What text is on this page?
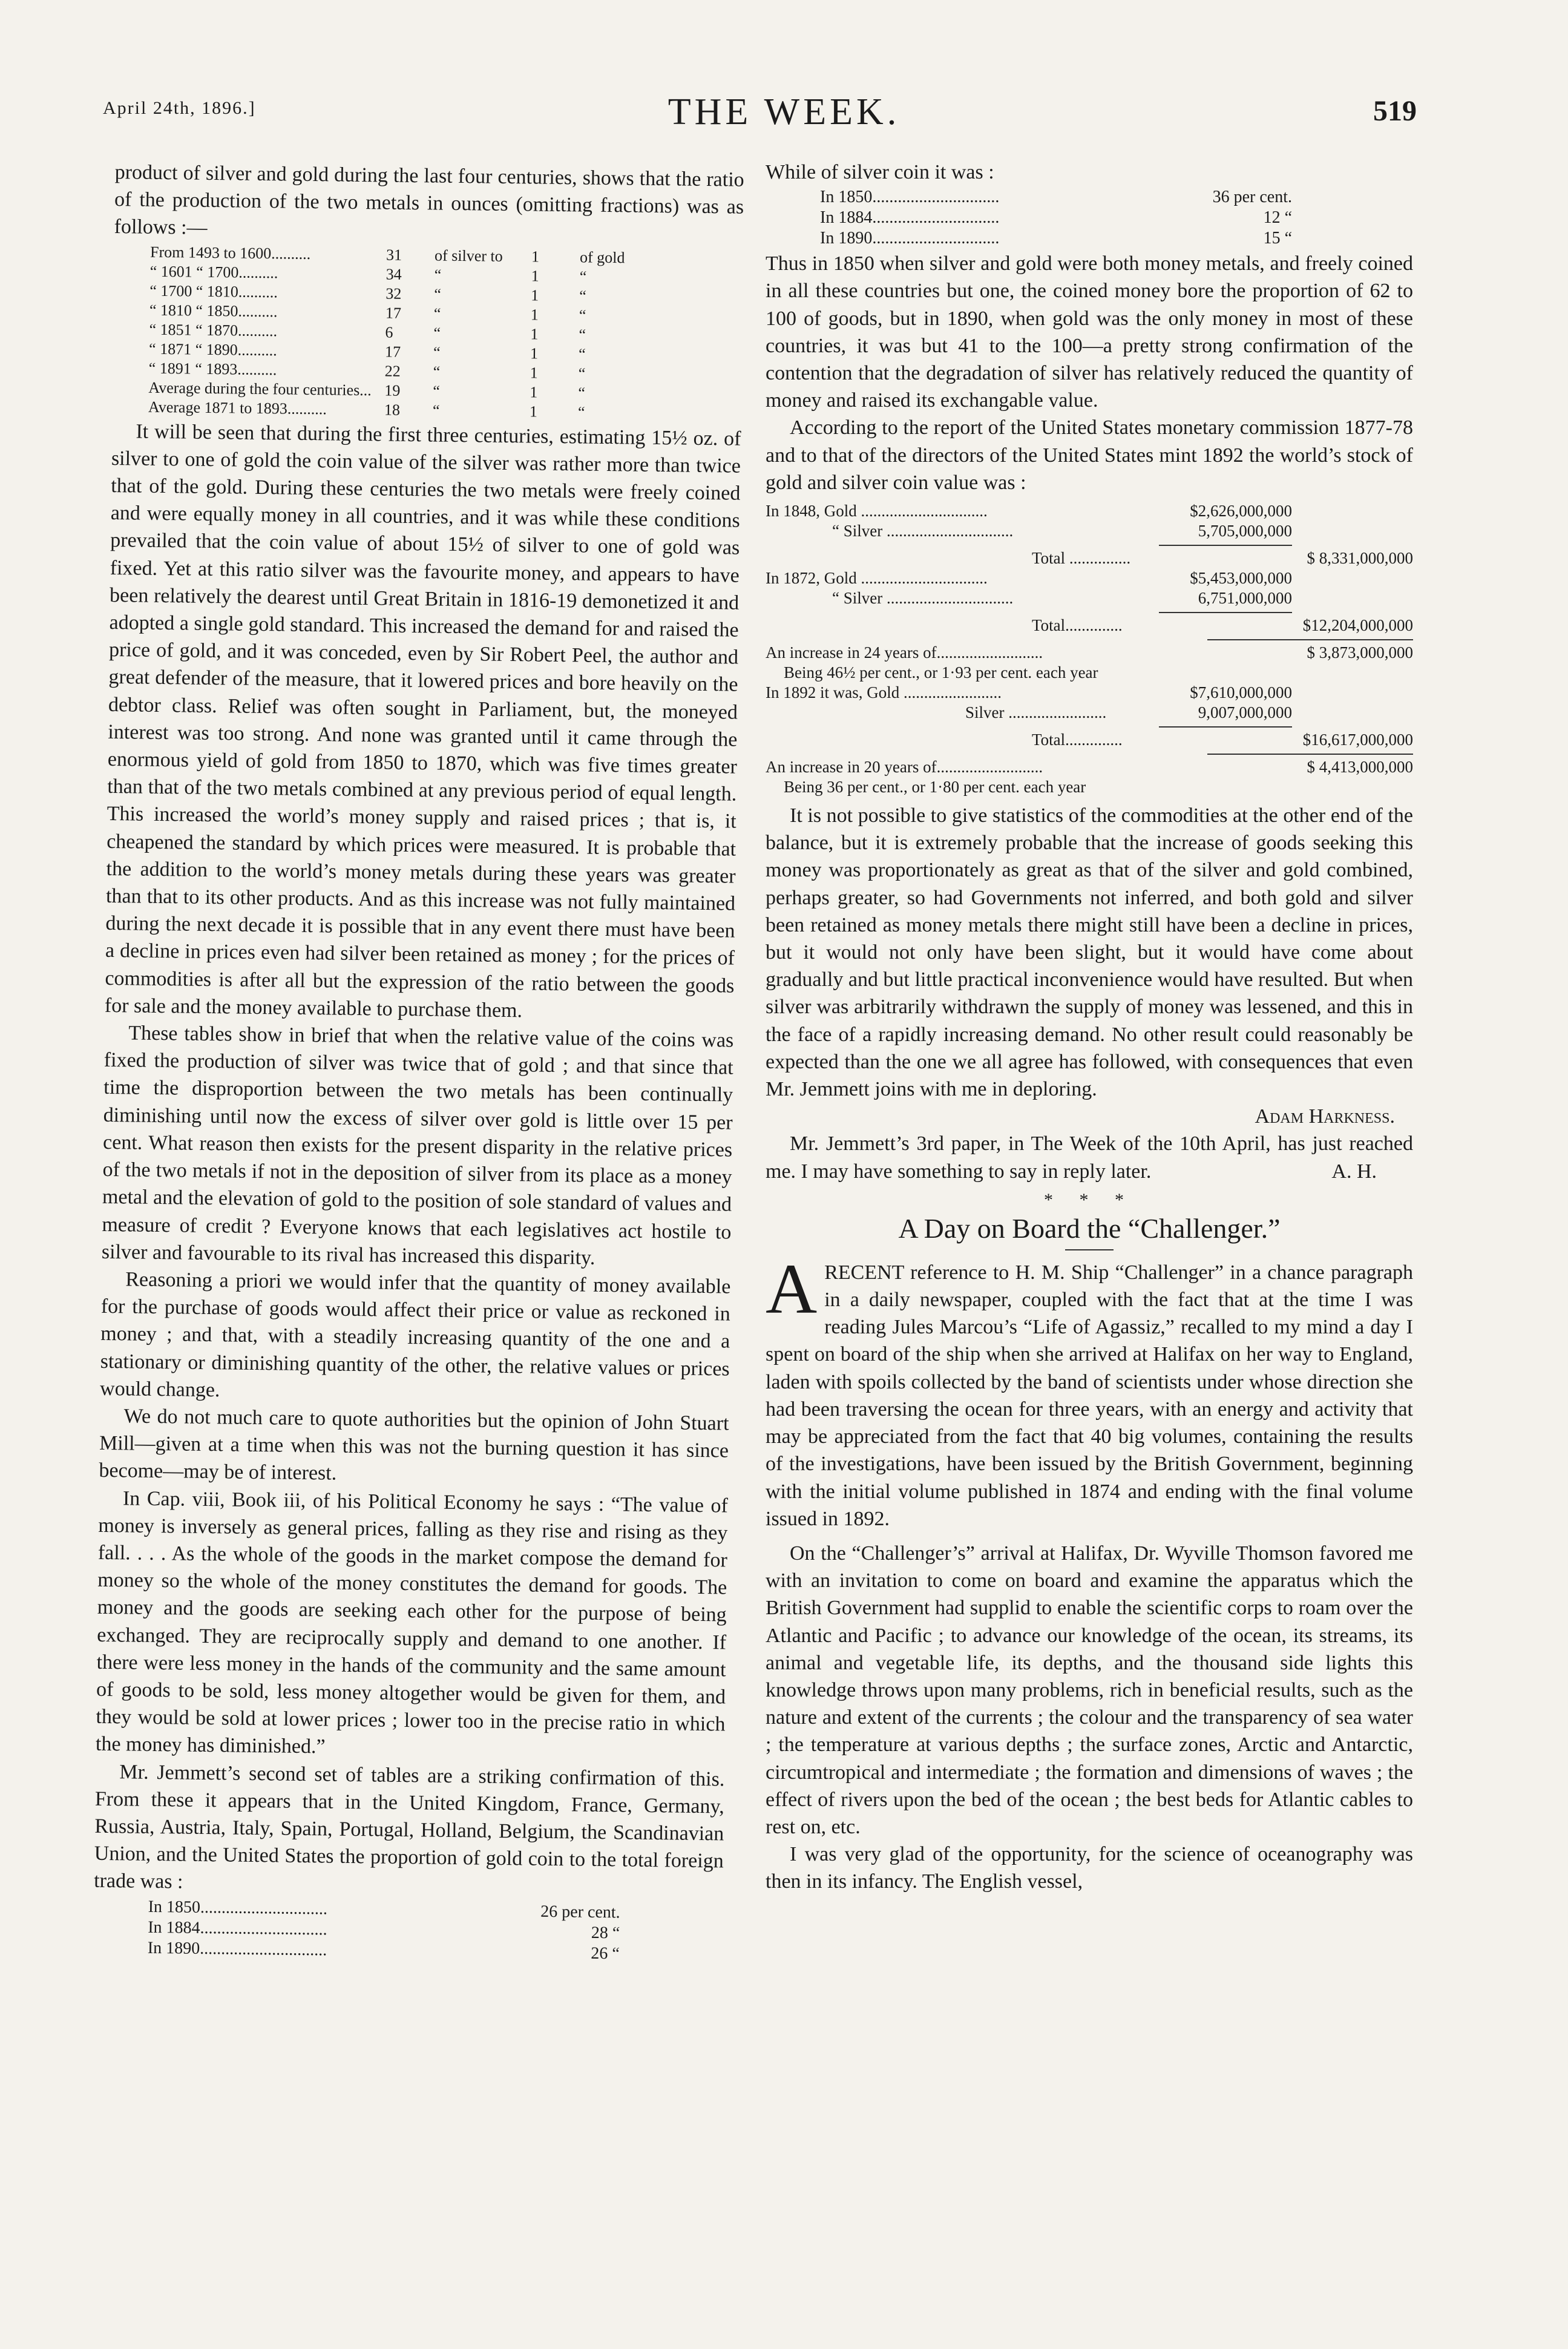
April 24th, 1896.]	THE WEEK.	519

product of silver and gold during the last four centuries, shows that the ratio of the production of the two metals in ounces (omitting fractions) was as follows :—

From 1493 to 1600..........	31	of silver to	1	of gold
“ 1601 “ 1700..........	34	“	1	“
“ 1700 “ 1810..........	32	“	1	“
“ 1810 “ 1850..........	17	“	1	“
“ 1851 “ 1870..........	6	“	1	“
“ 1871 “ 1890..........	17	“	1	“
“ 1891 “ 1893..........	22	“	1	“
Average during the four centuries... 19	“	1	“
Average 1871 to 1893..........	18	“	1	“

It will be seen that during the first three centuries, estimating 15½ oz. of silver to one of gold the coin value of the silver was rather more than twice that of the gold. During these centuries the two metals were freely coined and were equally money in all countries, and it was while these conditions prevailed that the coin value of about 15½ of silver to one of gold was fixed. Yet at this ratio silver was the favourite money, and appears to have been relatively the dearest until Great Britain in 1816-19 demonetized it and adopted a single gold standard. This increased the demand for and raised the price of gold, and it was conceded, even by Sir Robert Peel, the author and great defender of the measure, that it lowered prices and bore heavily on the debtor class. Relief was often sought in Parliament, but, the moneyed interest was too strong. And none was granted until it came through the enormous yield of gold from 1850 to 1870, which was five times greater than that of the two metals combined at any previous period of equal length. This increased the world’s money supply and raised prices ; that is, it cheapened the standard by which prices were measured. It is probable that the addition to the world’s money metals during these years was greater than that to its other products. And as this increase was not fully maintained during the next decade it is possible that in any event there must have been a decline in prices even had silver been retained as money ; for the prices of commodities is after all but the expression of the ratio between the goods for sale and the money available to purchase them.

These tables show in brief that when the relative value of the coins was fixed the production of silver was twice that of gold ; and that since that time the disproportion between the two metals has been continually diminishing until now the excess of silver over gold is little over 15 per cent. What reason then exists for the present disparity in the relative prices of the two metals if not in the deposition of silver from its place as a money metal and the elevation of gold to the position of sole standard of values and measure of credit ? Everyone knows that each legislatives act hostile to silver and favourable to its rival has increased this disparity.

Reasoning a priori we would infer that the quantity of money available for the purchase of goods would affect their price or value as reckoned in money ; and that, with a steadily increasing quantity of the one and a stationary or diminishing quantity of the other, the relative values or prices would change.

We do not much care to quote authorities but the opinion of John Stuart Mill—given at a time when this was not the burning question it has since become—may be of interest.

In Cap. viii, Book iii, of his Political Economy he says : “The value of money is inversely as general prices, falling as they rise and rising as they fall. . . . As the whole of the goods in the market compose the demand for money so the whole of the money constitutes the demand for goods. The money and the goods are seeking each other for the purpose of being exchanged. They are reciprocally supply and demand to one another. If there were less money in the hands of the community and the same amount of goods to be sold, less money altogether would be given for them, and they would be sold at lower prices ; lower too in the precise ratio in which the money has diminished.”

Mr. Jemmett’s second set of tables are a striking confirmation of this. From these it appears that in the United Kingdom, France, Germany, Russia, Austria, Italy, Spain, Portugal, Holland, Belgium, the Scandinavian Union, and the United States the proportion of gold coin to the total foreign trade was :

In 1850..............................	26 per cent.
In 1884..............................	28 “
In 1890..............................	26 “

While of silver coin it was :

In 1850..............................	36 per cent.
In 1884..............................	12 “
In 1890..............................	15 “

Thus in 1850 when silver and gold were both money metals, and freely coined in all these countries but one, the coined money bore the proportion of 62 to 100 of goods, but in 1890, when gold was the only money in most of these countries, it was but 41 to the 100—a pretty strong confirmation of the contention that the degradation of silver has relatively reduced the quantity of money and raised its exchangable value.

According to the report of the United States monetary commission 1877-78 and to that of the directors of the United States mint 1892 the world’s stock of gold and silver coin value was :

In 1848, Gold ...............................	$2,626,000,000
“ Silver ...............................	5,705,000,000
Total ...............	$ 8,331,000,000
In 1872, Gold ...............................	$5,453,000,000
“ Silver ...............................	6,751,000,000
Total..............	$12,204,000,000
An increase in 24 years of..........................	$ 3,873,000,000
Being 46½ per cent., or 1·93 per cent. each year
In 1892 it was, Gold ........................	$7,610,000,000
Silver ........................	9,007,000,000
Total..............	$16,617,000,000
An increase in 20 years of..........................	$ 4,413,000,000
Being 36 per cent., or 1·80 per cent. each year

It is not possible to give statistics of the commodities at the other end of the balance, but it is extremely probable that the increase of goods seeking this money was proportionately as great as that of the silver and gold combined, perhaps greater, so had Governments not inferred, and both gold and silver been retained as money metals there might still have been a decline in prices, but it would not only have been slight, but it would have come about gradually and but little practical inconvenience would have resulted. But when silver was arbitrarily withdrawn the supply of money was lessened, and this in the face of a rapidly increasing demand. No other result could reasonably be expected than the one we all agree has followed, with consequences that even Mr. Jemmett joins with me in deploring.

Adam Harkness.

Mr. Jemmett’s 3rd paper, in The Week of the 10th April, has just reached me. I may have something to say in reply later.	A. H.

* * *
A Day on Board the “Challenger.”

ARECENT reference to H. M. Ship “Challenger” in a chance paragraph in a daily newspaper, coupled with the fact that at the time I was reading Jules Marcou’s “Life of Agassiz,” recalled to my mind a day I spent on board of the ship when she arrived at Halifax on her way to England, laden with spoils collected by the band of scientists under whose direction she had been traversing the ocean for three years, with an energy and activity that may be appreciated from the fact that 40 big volumes, containing the results of the investigations, have been issued by the British Government, beginning with the initial volume published in 1874 and ending with the final volume issued in 1892.

On the “Challenger’s” arrival at Halifax, Dr. Wyville Thomson favored me with an invitation to come on board and examine the apparatus which the British Government had supplid to enable the scientific corps to roam over the Atlantic and Pacific ; to advance our knowledge of the ocean, its streams, its animal and vegetable life, its depths, and the thousand side lights this knowledge throws upon many problems, rich in beneficial results, such as the nature and extent of the currents ; the colour and the transparency of sea water ; the temperature at various depths ; the surface zones, Arctic and Antarctic, circumtropical and intermediate ; the formation and dimensions of waves ; the effect of rivers upon the bed of the ocean ; the best beds for Atlantic cables to rest on, etc.

I was very glad of the opportunity, for the science of oceanography was then in its infancy. The English vessel,
